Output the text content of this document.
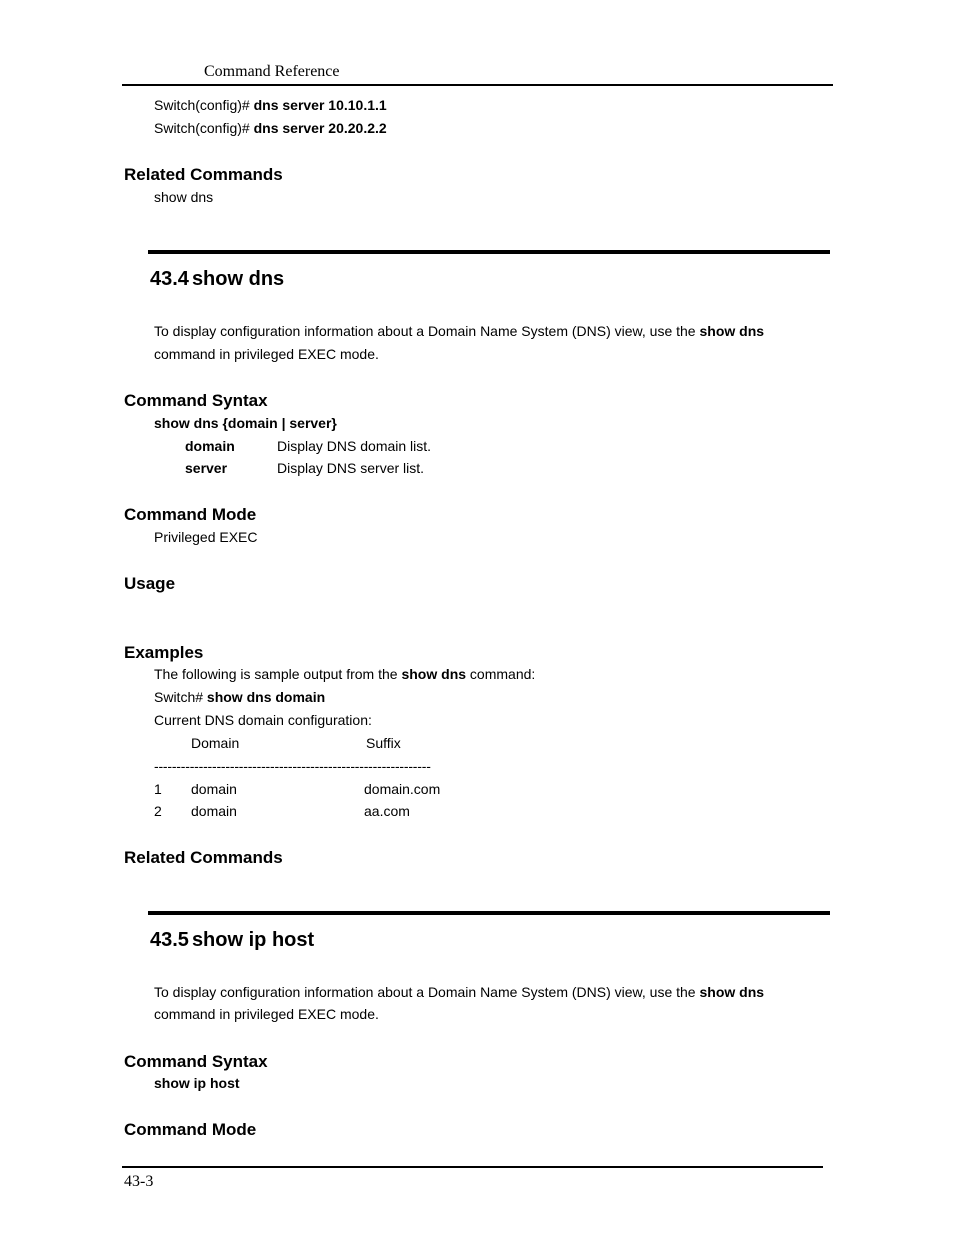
Command Reference
Switch(config)# dns server 10.10.1.1
Switch(config)# dns server 20.20.2.2
Related Commands
show dns
43.4 show dns
To display configuration information about a Domain Name System (DNS) view, use the show dns
command in privileged EXEC mode.
Command Syntax
show dns {domain | server}
domain	Display DNS domain list.
server	Display DNS server list.
Command Mode
Privileged EXEC
Usage
Examples
The following is sample output from the show dns command:
Switch# show dns domain
Current DNS domain configuration:
Domain	Suffix
--------------------------------------------------------------
1 domain	domain.com
2 domain	aa.com
Related Commands
43.5 show ip host
To display configuration information about a Domain Name System (DNS) view, use the show dns
command in privileged EXEC mode.
Command Syntax
show ip host
Command Mode
43-3
